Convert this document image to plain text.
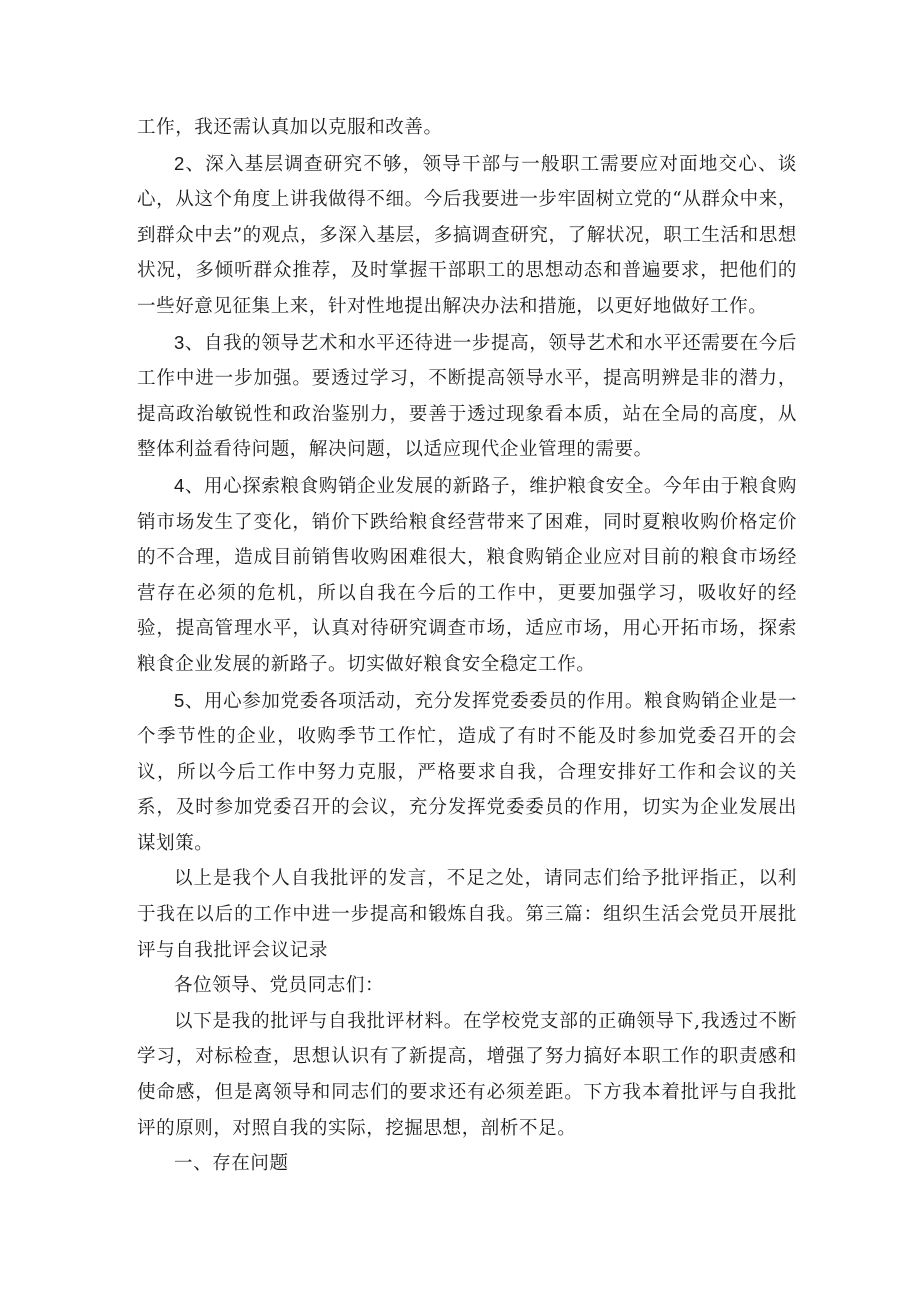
工作，我还需认真加以克服和改善。

2、深入基层调查研究不够，领导干部与一般职工需要应对面地交心、谈心，从这个角度上讲我做得不细。今后我要进一步牢固树立党的“从群众中来，到群众中去”的观点，多深入基层，多搞调查研究，了解状况，职工生活和思想状况，多倾听群众推荐，及时掌握干部职工的思想动态和普遍要求，把他们的一些好意见征集上来，针对性地提出解决办法和措施，以更好地做好工作。

3、自我的领导艺术和水平还待进一步提高，领导艺术和水平还需要在今后工作中进一步加强。要透过学习，不断提高领导水平，提高明辨是非的潜力，提高政治敏锐性和政治鉴别力，要善于透过现象看本质，站在全局的高度，从整体利益看待问题，解决问题，以适应现代企业管理的需要。

4、用心探索粮食购销企业发展的新路子，维护粮食安全。今年由于粮食购销市场发生了变化，销价下跌给粮食经营带来了困难，同时夏粮收购价格定价的不合理，造成目前销售收购困难很大，粮食购销企业应对目前的粮食市场经营存在必须的危机，所以自我在今后的工作中，更要加强学习，吸收好的经验，提高管理水平，认真对待研究调查市场，适应市场，用心开拓市场，探索粮食企业发展的新路子。切实做好粮食安全稳定工作。

5、用心参加党委各项活动，充分发挥党委委员的作用。粮食购销企业是一个季节性的企业，收购季节工作忙，造成了有时不能及时参加党委召开的会议，所以今后工作中努力克服，严格要求自我，合理安排好工作和会议的关系，及时参加党委召开的会议，充分发挥党委委员的作用，切实为企业发展出谋划策。

以上是我个人自我批评的发言，不足之处，请同志们给予批评指正，以利于我在以后的工作中进一步提高和锻炼自我。第三篇：组织生活会党员开展批评与自我批评会议记录

各位领导、党员同志们：

以下是我的批评与自我批评材料。在学校党支部的正确领导下,我透过不断学习，对标检查，思想认识有了新提高，增强了努力搞好本职工作的职责感和使命感，但是离领导和同志们的要求还有必须差距。下方我本着批评与自我批评的原则，对照自我的实际，挖掘思想，剖析不足。

一、存在问题
